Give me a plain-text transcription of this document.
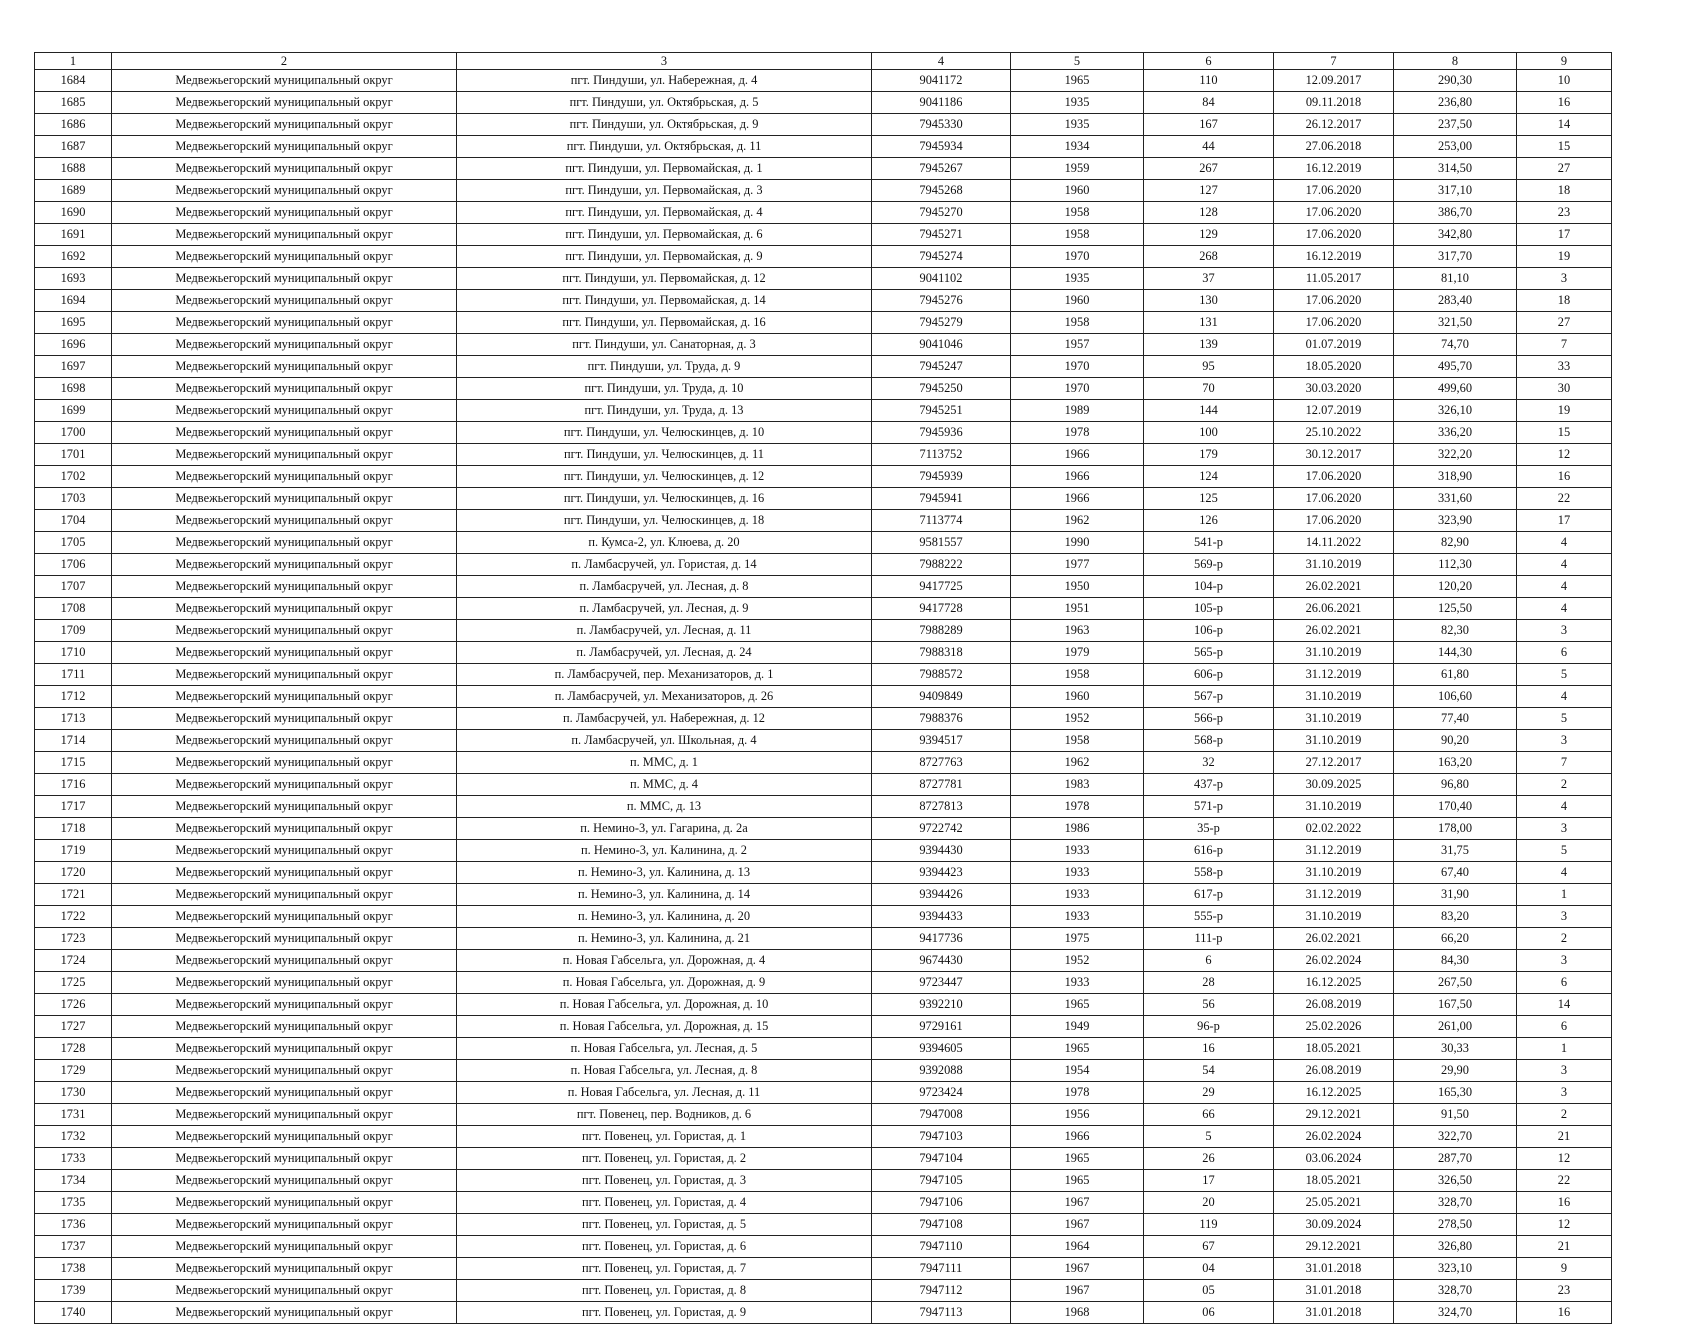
1	2	3	4	5	6	7	8	9
1684	Медвежьегорский муниципальный округ	пгт. Пиндуши, ул. Набережная, д. 4	9041172	1965	110	12.09.2017	290,30	10
1685	Медвежьегорский муниципальный округ	пгт. Пиндуши, ул. Октябрьская, д. 5	9041186	1935	84	09.11.2018	236,80	16
1686	Медвежьегорский муниципальный округ	пгт. Пиндуши, ул. Октябрьская, д. 9	7945330	1935	167	26.12.2017	237,50	14
1687	Медвежьегорский муниципальный округ	пгт. Пиндуши, ул. Октябрьская, д. 11	7945934	1934	44	27.06.2018	253,00	15
1688	Медвежьегорский муниципальный округ	пгт. Пиндуши, ул. Первомайская, д. 1	7945267	1959	267	16.12.2019	314,50	27
1689	Медвежьегорский муниципальный округ	пгт. Пиндуши, ул. Первомайская, д. 3	7945268	1960	127	17.06.2020	317,10	18
1690	Медвежьегорский муниципальный округ	пгт. Пиндуши, ул. Первомайская, д. 4	7945270	1958	128	17.06.2020	386,70	23
1691	Медвежьегорский муниципальный округ	пгт. Пиндуши, ул. Первомайская, д. 6	7945271	1958	129	17.06.2020	342,80	17
1692	Медвежьегорский муниципальный округ	пгт. Пиндуши, ул. Первомайская, д. 9	7945274	1970	268	16.12.2019	317,70	19
1693	Медвежьегорский муниципальный округ	пгт. Пиндуши, ул. Первомайская, д. 12	9041102	1935	37	11.05.2017	81,10	3
1694	Медвежьегорский муниципальный округ	пгт. Пиндуши, ул. Первомайская, д. 14	7945276	1960	130	17.06.2020	283,40	18
1695	Медвежьегорский муниципальный округ	пгт. Пиндуши, ул. Первомайская, д. 16	7945279	1958	131	17.06.2020	321,50	27
1696	Медвежьегорский муниципальный округ	пгт. Пиндуши, ул. Санаторная, д. 3	9041046	1957	139	01.07.2019	74,70	7
1697	Медвежьегорский муниципальный округ	пгт. Пиндуши, ул. Труда, д. 9	7945247	1970	95	18.05.2020	495,70	33
1698	Медвежьегорский муниципальный округ	пгт. Пиндуши, ул. Труда, д. 10	7945250	1970	70	30.03.2020	499,60	30
1699	Медвежьегорский муниципальный округ	пгт. Пиндуши, ул. Труда, д. 13	7945251	1989	144	12.07.2019	326,10	19
1700	Медвежьегорский муниципальный округ	пгт. Пиндуши, ул. Челюскинцев, д. 10	7945936	1978	100	25.10.2022	336,20	15
1701	Медвежьегорский муниципальный округ	пгт. Пиндуши, ул. Челюскинцев, д. 11	7113752	1966	179	30.12.2017	322,20	12
1702	Медвежьегорский муниципальный округ	пгт. Пиндуши, ул. Челюскинцев, д. 12	7945939	1966	124	17.06.2020	318,90	16
1703	Медвежьегорский муниципальный округ	пгт. Пиндуши, ул. Челюскинцев, д. 16	7945941	1966	125	17.06.2020	331,60	22
1704	Медвежьегорский муниципальный округ	пгт. Пиндуши, ул. Челюскинцев, д. 18	7113774	1962	126	17.06.2020	323,90	17
1705	Медвежьегорский муниципальный округ	п. Кумса-2, ул. Клюева, д. 20	9581557	1990	541-р	14.11.2022	82,90	4
1706	Медвежьегорский муниципальный округ	п. Ламбасручей, ул. Гористая, д. 14	7988222	1977	569-р	31.10.2019	112,30	4
1707	Медвежьегорский муниципальный округ	п. Ламбасручей, ул. Лесная, д. 8	9417725	1950	104-р	26.02.2021	120,20	4
1708	Медвежьегорский муниципальный округ	п. Ламбасручей, ул. Лесная, д. 9	9417728	1951	105-р	26.06.2021	125,50	4
1709	Медвежьегорский муниципальный округ	п. Ламбасручей, ул. Лесная, д. 11	7988289	1963	106-р	26.02.2021	82,30	3
1710	Медвежьегорский муниципальный округ	п. Ламбасручей, ул. Лесная, д. 24	7988318	1979	565-р	31.10.2019	144,30	6
1711	Медвежьегорский муниципальный округ	п. Ламбасручей, пер. Механизаторов, д. 1	7988572	1958	606-р	31.12.2019	61,80	5
1712	Медвежьегорский муниципальный округ	п. Ламбасручей, ул. Механизаторов, д. 26	9409849	1960	567-р	31.10.2019	106,60	4
1713	Медвежьегорский муниципальный округ	п. Ламбасручей, ул. Набережная, д. 12	7988376	1952	566-р	31.10.2019	77,40	5
1714	Медвежьегорский муниципальный округ	п. Ламбасручей, ул. Школьная, д. 4	9394517	1958	568-р	31.10.2019	90,20	3
1715	Медвежьегорский муниципальный округ	п. ММС, д. 1	8727763	1962	32	27.12.2017	163,20	7
1716	Медвежьегорский муниципальный округ	п. ММС, д. 4	8727781	1983	437-р	30.09.2025	96,80	2
1717	Медвежьегорский муниципальный округ	п. ММС, д. 13	8727813	1978	571-р	31.10.2019	170,40	4
1718	Медвежьегорский муниципальный округ	п. Немино-3, ул. Гагарина, д. 2а	9722742	1986	35-р	02.02.2022	178,00	3
1719	Медвежьегорский муниципальный округ	п. Немино-3, ул. Калинина, д. 2	9394430	1933	616-р	31.12.2019	31,75	5
1720	Медвежьегорский муниципальный округ	п. Немино-3, ул. Калинина, д. 13	9394423	1933	558-р	31.10.2019	67,40	4
1721	Медвежьегорский муниципальный округ	п. Немино-3, ул. Калинина, д. 14	9394426	1933	617-р	31.12.2019	31,90	1
1722	Медвежьегорский муниципальный округ	п. Немино-3, ул. Калинина, д. 20	9394433	1933	555-р	31.10.2019	83,20	3
1723	Медвежьегорский муниципальный округ	п. Немино-3, ул. Калинина, д. 21	9417736	1975	111-р	26.02.2021	66,20	2
1724	Медвежьегорский муниципальный округ	п. Новая Габсельга, ул. Дорожная, д. 4	9674430	1952	6	26.02.2024	84,30	3
1725	Медвежьегорский муниципальный округ	п. Новая Габсельга, ул. Дорожная, д. 9	9723447	1933	28	16.12.2025	267,50	6
1726	Медвежьегорский муниципальный округ	п. Новая Габсельга, ул. Дорожная, д. 10	9392210	1965	56	26.08.2019	167,50	14
1727	Медвежьегорский муниципальный округ	п. Новая Габсельга, ул. Дорожная, д. 15	9729161	1949	96-р	25.02.2026	261,00	6
1728	Медвежьегорский муниципальный округ	п. Новая Габсельга, ул. Лесная, д. 5	9394605	1965	16	18.05.2021	30,33	1
1729	Медвежьегорский муниципальный округ	п. Новая Габсельга, ул. Лесная, д. 8	9392088	1954	54	26.08.2019	29,90	3
1730	Медвежьегорский муниципальный округ	п. Новая Габсельга, ул. Лесная, д. 11	9723424	1978	29	16.12.2025	165,30	3
1731	Медвежьегорский муниципальный округ	пгт. Повенец, пер. Водников, д. 6	7947008	1956	66	29.12.2021	91,50	2
1732	Медвежьегорский муниципальный округ	пгт. Повенец, ул. Гористая, д. 1	7947103	1966	5	26.02.2024	322,70	21
1733	Медвежьегорский муниципальный округ	пгт. Повенец, ул. Гористая, д. 2	7947104	1965	26	03.06.2024	287,70	12
1734	Медвежьегорский муниципальный округ	пгт. Повенец, ул. Гористая, д. 3	7947105	1965	17	18.05.2021	326,50	22
1735	Медвежьегорский муниципальный округ	пгт. Повенец, ул. Гористая, д. 4	7947106	1967	20	25.05.2021	328,70	16
1736	Медвежьегорский муниципальный округ	пгт. Повенец, ул. Гористая, д. 5	7947108	1967	119	30.09.2024	278,50	12
1737	Медвежьегорский муниципальный округ	пгт. Повенец, ул. Гористая, д. 6	7947110	1964	67	29.12.2021	326,80	21
1738	Медвежьегорский муниципальный округ	пгт. Повенец, ул. Гористая, д. 7	7947111	1967	04	31.01.2018	323,10	9
1739	Медвежьегорский муниципальный округ	пгт. Повенец, ул. Гористая, д. 8	7947112	1967	05	31.01.2018	328,70	23
1740	Медвежьегорский муниципальный округ	пгт. Повенец, ул. Гористая, д. 9	7947113	1968	06	31.01.2018	324,70	16
